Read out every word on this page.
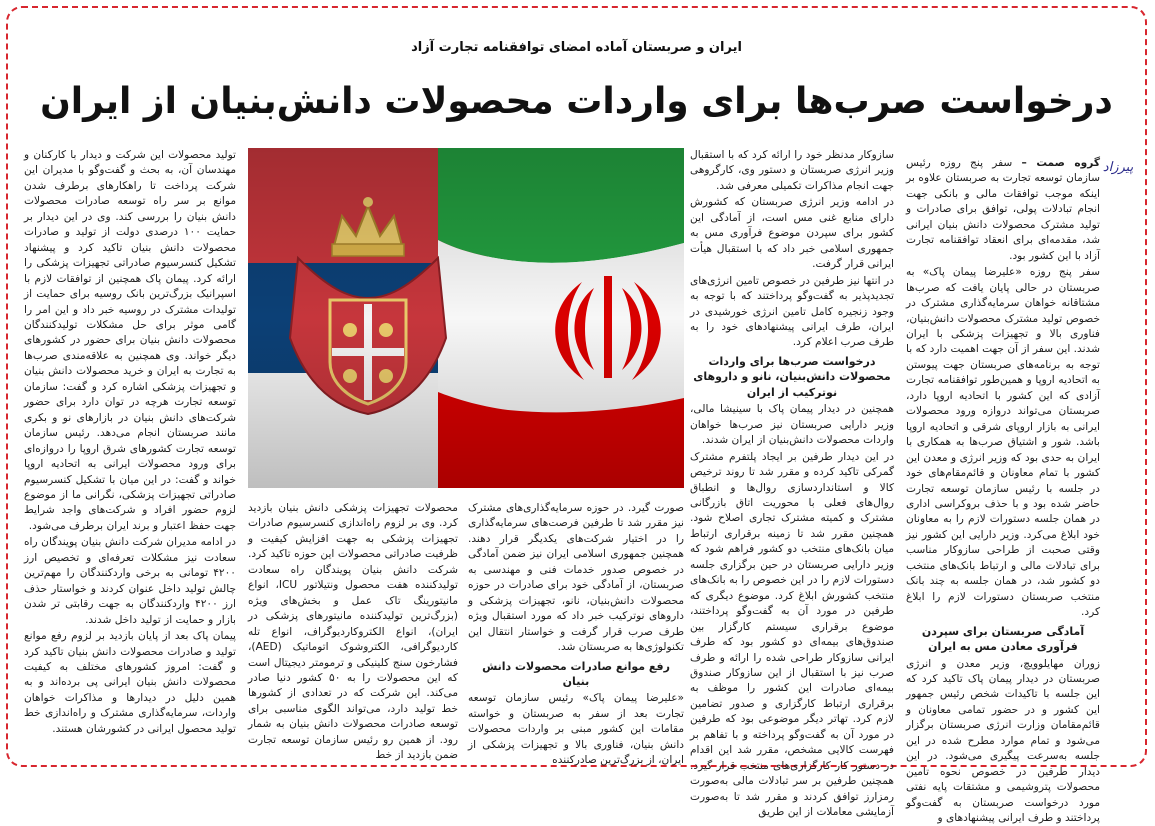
ایران و صربستان آماده امضای توافقنامه تجارت آزاد
درخواست صرب‌ها برای واردات محصولات دانش‌بنیان از ایران
پیرزاد

گروه صمت – سفر پنج روزه رئیس سازمان توسعه تجارت به صربستان علاوه بر اینکه موجب توافقات مالی و بانکی جهت انجام تبادلات پولی، توافق برای صادرات و تولید مشترک محصولات دانش بنیان ایرانی شد، مقدمه‌ای برای انعقاد توافقنامه تجارت آزاد با این کشور بود.

سفر پنج روزه «علیرضا پیمان پاک» به صربستان در حالی پایان یافت که صرب‌ها مشتاقانه خواهان سرمایه‌گذاری مشترک در خصوص تولید مشترک محصولات دانش‌بنیان، فناوری بالا و تجهیزات پزشکی با ایران شدند. این سفر از آن جهت اهمیت دارد که با توجه به برنامه‌های صربستان جهت پیوستن به اتحادیه اروپا و همین‌طور توافقنامه تجارت آزادی که این کشور با اتحادیه اروپا دارد، صربستان می‌تواند دروازه ورود محصولات ایرانی به بازار اروپای شرقی و اتحادیه اروپا باشد. شور و اشتیاق صرب‌ها به همکاری با ایران به حدی بود که وزیر انرژی و معدن این کشور با تمام معاونان و قائم‌مقام‌های خود در جلسه با رئیس سازمان توسعه تجارت حاضر شده بود و با حذف بروکراسی اداری در همان جلسه دستورات لازم را به معاونان خود ابلاغ می‌کرد. وزیر دارایی این کشور نیز وقتی صحبت از طراحی سازوکار مناسب برای تبادلات مالی و ارتباط بانک‌های منتخب دو کشور شد، در همان جلسه به چند بانک منتخب صربستان دستورات لازم را ابلاغ کرد.

آمادگی صربستان برای سپردن فرآوری معادن مس به ایران

زوران مهایلوویچ، وزیر معدن و انرژی صربستان در دیدار پیمان پاک تاکید کرد که این جلسه با تاکیدات شخص رئیس جمهور این کشور و در حضور تمامی معاونان و قائم‌مقامان وزارت انرژی صربستان برگزار می‌شود و تمام موارد مطرح شده در این جلسه به‌سرعت پیگیری می‌شود. در این دیدار طرفین در خصوص نحوه تامین محصولات پتروشیمی و مشتقات پایه نفتی مورد درخواست صربستان به گفت‌وگو پرداختند و طرف ایرانی پیشنهادهای و

سازوکار مدنظر خود را ارائه کرد که با استقبال وزیر انرژی صربستان و دستور وی، کارگروهی جهت انجام مذاکرات تکمیلی معرفی شد.

در ادامه وزیر انرژی صربستان که کشورش دارای منابع غنی مس است، از آمادگی این کشور برای سپردن موضوع فرآوری مس به جمهوری اسلامی خبر داد که با استقبال هیأت ایرانی قرار گرفت.

در انتها نیز طرفین در خصوص تامین انرژی‌های تجدیدپذیر به گفت‌وگو پرداختند که با توجه به وجود زنجیره کامل تامین انرژی خورشیدی در ایران، طرف ایرانی پیشنهادهای خود را به طرف صرب اعلام کرد.

درخواست صرب‌ها برای واردات محصولات دانش‌بنیان، نانو و داروهای نوترکیب از ایران

همچنین در دیدار پیمان پاک با سینیشا مالی، وزیر دارایی صربستان نیز صرب‌ها خواهان واردات محصولات دانش‌بنیان از ایران شدند.

در این دیدار طرفین بر ایجاد پلتفرم مشترک گمرکی تاکید کرده و مقرر شد تا روند ترخیص کالا و استانداردسازی روال‌ها و انطباق روال‌های فعلی با محوریت اتاق بازرگانی مشترک و کمیته مشترک تجاری اصلاح شود. همچنین مقرر شد تا زمینه برقراری ارتباط میان بانک‌های منتخب دو کشور فراهم شود که وزیر دارایی صربستان در حین برگزاری جلسه دستورات لازم را در این خصوص را به بانک‌های منتخب کشورش ابلاغ کرد. موضوع دیگری که طرفین در مورد آن به گفت‌وگو پرداختند، موضوع برقراری سیستم کارگزار بین صندوق‌های بیمه‌ای دو کشور بود که طرف ایرانی سازوکار طراحی شده را ارائه و طرف صرب نیز با استقبال از این سازوکار صندوق بیمه‌ای صادرات این کشور را موظف به برقراری ارتباط کارگزاری و صدور تضامین لازم کرد. تهاتر دیگر موضوعی بود که طرفین در مورد آن به گفت‌وگو پرداخته و با تفاهم بر فهرست کالایی مشخص، مقرر شد این اقدام در دستور کار کارگزاری‌های منتخب قرار گیرد. همچنین طرفین بر سر تبادلات مالی به‌صورت رمزارز توافق کردند و مقرر شد تا به‌صورت آزمایشی معاملات از این طریق

صورت گیرد. در حوزه سرمایه‌گذاری‌های مشترک نیز مقرر شد تا طرفین فرصت‌های سرمایه‌گذاری را در اختیار شرکت‌های یکدیگر قرار دهند. همچنین جمهوری اسلامی ایران نیز ضمن آمادگی در خصوص صدور خدمات فنی و مهندسی به صربستان، از آمادگی خود برای صادرات در حوزه محصولات دانش‌بنیان، نانو، تجهیزات پزشکی و داروهای نوترکیب خبر داد که مورد استقبال ویژه طرف صرب قرار گرفت و خواستار انتقال این تکنولوژی‌ها به صربستان شد.

رفع موانع صادرات محصولات دانش بنیان

«علیرضا پیمان پاک» رئیس سازمان توسعه تجارت بعد از سفر به صربستان و خواسته مقامات این کشور مبنی بر واردات محصولات دانش بنیان، فناوری بالا و تجهیزات پزشکی از ایران، از بزرگ‌ترین صادرکننده

محصولات تجهیزات پزشکی دانش بنیان بازدید کرد. وی بر لزوم راه‌اندازی کنسرسیوم صادرات تجهیزات پزشکی به جهت افزایش کیفیت و ظرفیت صادراتی محصولات این حوزه تاکید کرد. شرکت دانش بنیان پویندگان راه سعادت تولیدکننده هفت محصول ونتیلاتور ICU، انواع مانیتورینگ تاک عمل و بخش‌های ویژه (بزرگ‌ترین تولیدکننده مانیتورهای پزشکی در ایران)، انواع الکتروکاردیوگراف، انواع تله کاردیوگرافی، الکتروشوک اتوماتیک (AED)، فشارخون سنج کلینیکی و ترمومتر دیجیتال است که این محصولات را به ۵۰ کشور دنیا صادر می‌کند. این شرکت که در تعدادی از کشورها خط تولید دارد، می‌تواند الگوی مناسبی برای توسعه صادرات محصولات دانش بنیان به شمار رود. از همین رو رئیس سازمان توسعه تجارت ضمن بازدید از خط

تولید محصولات این شرکت و دیدار با کارکنان و مهندسان آن، به بحث و گفت‌وگو با مدیران این شرکت پرداخت تا راهکارهای برطرف شدن موانع بر سر راه توسعه صادرات محصولات دانش بنیان را بررسی کند. وی در این دیدار بر حمایت ۱۰۰ درصدی دولت از تولید و صادرات محصولات دانش بنیان تاکید کرد و پیشنهاد تشکیل کنسرسیوم صادراتی تجهیزات پزشکی را ارائه کرد. پیمان پاک همچنین از توافقات لازم با اسپرانیک بزرگ‌ترین بانک روسیه برای حمایت از تولیدات مشترک در روسیه خبر داد و این امر را گامی موثر برای حل مشکلات تولیدکنندگان محصولات دانش بنیان برای حضور در کشورهای دیگر خواند. وی همچنین به علاقه‌مندی صرب‌ها به تجارت به ایران و خرید محصولات دانش بنیان و تجهیزات پزشکی اشاره کرد و گفت: سازمان توسعه تجارت هرچه در توان دارد برای حضور شرکت‌های دانش بنیان در بازارهای نو و بکری مانند صربستان انجام می‌دهد. رئیس سازمان توسعه تجارت کشورهای شرق اروپا را دروازه‌ای برای ورود محصولات ایرانی به اتحادیه اروپا خواند و گفت: در این میان با تشکیل کنسرسیوم صادراتی تجهیزات پزشکی، نگرانی ما از موضوع لزوم حضور افراد و شرکت‌های واجد شرایط جهت حفظ اعتبار و برند ایران برطرف می‌شود.

در ادامه مدیران شرکت دانش بنیان پویندگان راه سعادت نیز مشکلات تعرفه‌ای و تخصیص ارز ۴۲۰۰ تومانی به برخی واردکنندگان را مهم‌ترین چالش تولید داخل عنوان کردند و خواستار حذف ارز ۴۲۰۰ واردکنندگان به جهت رقابتی تر شدن بازار و حمایت از تولید داخل شدند.

پیمان پاک بعد از پایان بازدید بر لزوم رفع موانع تولید و صادرات محصولات دانش بنیان تاکید کرد و گفت: امروز کشورهای مختلف به کیفیت محصولات دانش بنیان ایرانی پی برده‌اند و به همین دلیل در دیدارها و مذاکرات خواهان واردات، سرمایه‌گذاری مشترک و راه‌اندازی خط تولید محصول ایرانی در کشورشان هستند.
